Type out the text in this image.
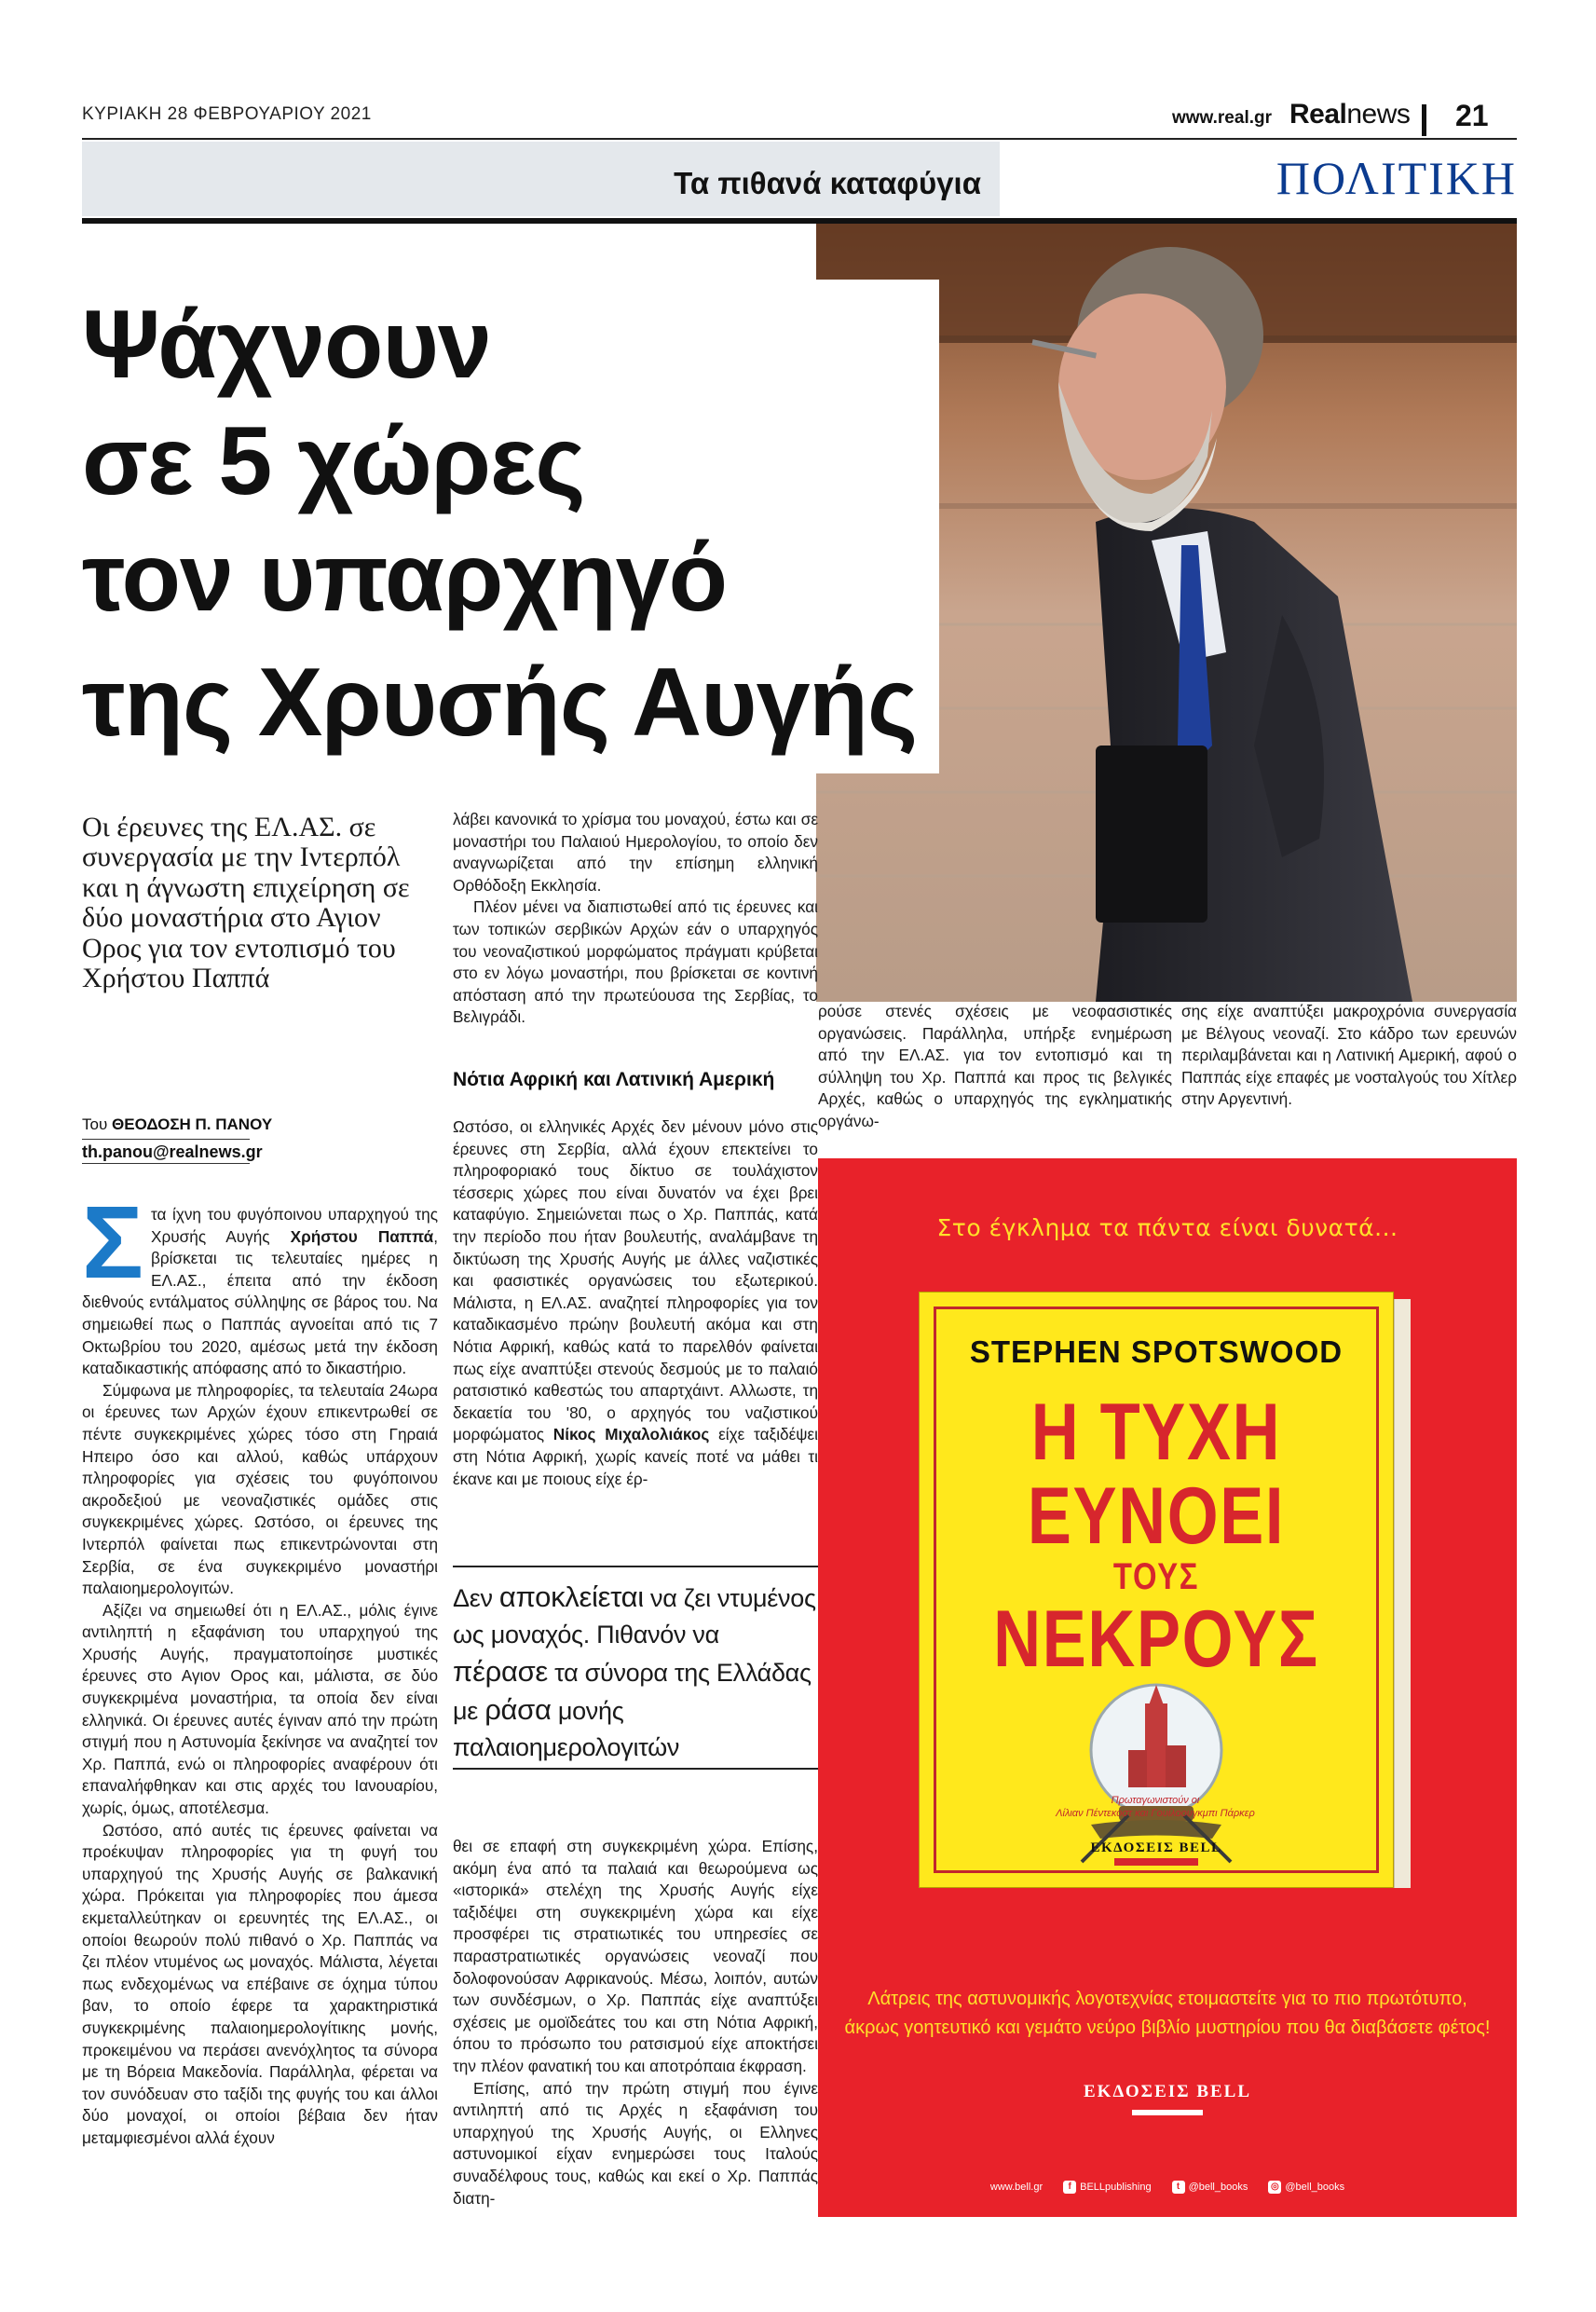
ΚΥΡΙΑΚΗ 28 ΦΕΒΡΟΥΑΡΙΟΥ 2021	www.real.gr Realnews 21
Τα πιθανά καταφύγια	ΠΟΛΙΤΙΚΗ
Ψάχνουν
σε 5 χώρες
τον υπαρχηγό
της Χρυσής Αυγής
Οι έρευνες της ΕΛ.ΑΣ. σε συνεργασία με την Ιντερπόλ και η άγνωστη επιχείρηση σε δύο μοναστήρια στο Αγιον Ορος για τον εντοπισμό του Χρήστου Παππά
Του ΘΕΟΔΟΣΗ Π. ΠΑΝΟΥ
th.panou@realnews.gr

Στα ίχνη του φυγόποινου υπαρχηγού της Χρυσής Αυγής Χρήστου Παππά, βρίσκεται τις τελευταίες ημέρες η ΕΛ.ΑΣ., έπειτα από την έκδοση διεθνούς εντάλματος σύλληψης σε βάρος του. Να σημειωθεί πως ο Παππάς αγνοείται από τις 7 Οκτωβρίου του 2020, αμέσως μετά την έκδοση καταδικαστικής απόφασης από το δικαστήριο.

Σύμφωνα με πληροφορίες, τα τελευταία 24ωρα οι έρευνες των Αρχών έχουν επικεντρωθεί σε πέντε συγκεκριμένες χώρες τόσο στη Γηραιά Ηπειρο όσο και αλλού, καθώς υπάρχουν πληροφορίες για σχέσεις του φυγόποινου ακροδεξιού με νεοναζιστικές ομάδες στις συγκεκριμένες χώρες. Ωστόσο, οι έρευνες της Ιντερπόλ φαίνεται πως επικεντρώνονται στη Σερβία, σε ένα συγκεκριμένο μοναστήρι παλαιοημερολογιτών.

Αξίζει να σημειωθεί ότι η ΕΛ.ΑΣ., μόλις έγινε αντιληπτή η εξαφάνιση του υπαρχηγού της Χρυσής Αυγής, πραγματοποίησε μυστικές έρευνες στο Αγιον Ορος και, μάλιστα, σε δύο συγκεκριμένα μοναστήρια, τα οποία δεν είναι ελληνικά. Οι έρευνες αυτές έγιναν από την πρώτη στιγμή που η Αστυνομία ξεκίνησε να αναζητεί τον Χρ. Παππά, ενώ οι πληροφορίες αναφέρουν ότι επαναλήφθηκαν και στις αρχές του Ιανουαρίου, χωρίς, όμως, αποτέλεσμα.

Ωστόσο, από αυτές τις έρευνες φαίνεται να προέκυψαν πληροφορίες για τη φυγή του υπαρχηγού της Χρυσής Αυγής σε βαλκανική χώρα. Πρόκειται για πληροφορίες που άμεσα εκμεταλλεύτηκαν οι ερευνητές της ΕΛ.ΑΣ., οι οποίοι θεωρούν πολύ πιθανό ο Χρ. Παππάς να ζει πλέον ντυμένος ως μοναχός. Μάλιστα, λέγεται πως ενδεχομένως να επέβαινε σε όχημα τύπου βαν, το οποίο έφερε τα χαρακτηριστικά συγκεκριμένης παλαιοημερολογίτικης μονής, προκειμένου να περάσει ανενόχλητος τα σύνορα με τη Βόρεια Μακεδονία. Παράλληλα, φέρεται να τον συνόδευαν στο ταξίδι της φυγής του και άλλοι δύο μοναχοί, οι οποίοι βέβαια δεν ήταν μεταμφιεσμένοι αλλά έχουν

λάβει κανονικά το χρίσμα του μοναχού, έστω και σε μοναστήρι του Παλαιού Ημερολογίου, το οποίο δεν αναγνωρίζεται από την επίσημη ελληνική Ορθόδοξη Εκκλησία.

Πλέον μένει να διαπιστωθεί από τις έρευνες και των τοπικών σερβικών Αρχών εάν ο υπαρχηγός του νεοναζιστικού μορφώματος πράγματι κρύβεται στο εν λόγω μοναστήρι, που βρίσκεται σε κοντινή απόσταση από την πρωτεύουσα της Σερβίας, το Βελιγράδι.

Νότια Αφρική και Λατινική Αμερική

Ωστόσο, οι ελληνικές Αρχές δεν μένουν μόνο στις έρευνες στη Σερβία, αλλά έχουν επεκτείνει το πληροφοριακό τους δίκτυο σε τουλάχιστον τέσσερις χώρες που είναι δυνατόν να έχει βρει καταφύγιο. Σημειώνεται πως ο Χρ. Παππάς, κατά την περίοδο που ήταν βουλευτής, αναλάμβανε τη δικτύωση της Χρυσής Αυγής με άλλες ναζιστικές και φασιστικές οργανώσεις του εξωτερικού. Μάλιστα, η ΕΛ.ΑΣ. αναζητεί πληροφορίες για τον καταδικασμένο πρώην βουλευτή ακόμα και στη Νότια Αφρική, καθώς κατά το παρελθόν φαίνεται πως είχε αναπτύξει στενούς δεσμούς με το παλαιό ρατσιστικό καθεστώς του απαρτχάιντ. Αλλωστε, τη δεκαετία του '80, ο αρχηγός του ναζιστικού μορφώματος Νίκος Μιχαλολιάκος είχε ταξιδέψει στη Νότια Αφρική, χωρίς κανείς ποτέ να μάθει τι έκανε και με ποιους είχε έρ-

Δεν αποκλείεται να ζει ντυμένος ως μοναχός. Πιθανόν να πέρασε τα σύνορα της Ελλάδας με ράσα μονής παλαιοημερολογιτών

θει σε επαφή στη συγκεκριμένη χώρα. Επίσης, ακόμη ένα από τα παλαιά και θεωρούμενα ως «ιστορικά» στελέχη της Χρυσής Αυγής είχε ταξιδέψει στη συγκεκριμένη χώρα και είχε προσφέρει τις στρατιωτικές του υπηρεσίες σε παραστρατιωτικές οργανώσεις νεοναζί που δολοφονούσαν Αφρικανούς. Μέσω, λοιπόν, αυτών των συνδέσμων, ο Χρ. Παππάς είχε αναπτύξει σχέσεις με ομοϊδεάτες του και στη Νότια Αφρική, όπου το πρόσωπο του ρατσισμού είχε αποκτήσει την πλέον φανατική του και αποτρόπαια έκφραση.

Επίσης, από την πρώτη στιγμή που έγινε αντιληπτή από τις Αρχές η εξαφάνιση του υπαρχηγού της Χρυσής Αυγής, οι Ελληνες αστυνομικοί είχαν ενημερώσει τους Ιταλούς συναδέλφους τους, καθώς και εκεί ο Χρ. Παππάς διατη-

ρούσε στενές σχέσεις με νεοφασιστικές οργανώσεις. Παράλληλα, υπήρξε ενημέρωση από την ΕΛ.ΑΣ. για τον εντοπισμό και τη σύλληψη του Χρ. Παππά και προς τις βελγικές Αρχές, καθώς ο υπαρχηγός της εγκληματικής οργάνω-

σης είχε αναπτύξει μακροχρόνια συνεργασία με Βέλγους νεοναζί. Στο κάδρο των ερευνών περιλαμβάνεται και η Λατινική Αμερική, αφού ο Παππάς είχε επαφές με νοσταλγούς του Χίτλερ στην Αργεντινή.

Στο έγκλημα τα πάντα είναι δυνατά...
STEPHEN SPOTSWOOD
Η ΤΥΧΗ
ΕΥΝΟΕΙ
ΤΟΥΣ
ΝΕΚΡΟΥΣ
Πρωταγωνιστούν οι
Λίλιαν Πέντεκοστ και Γουίλοουγκμπι Πάρκερ
ΕΚΔΟΣΕΙΣ BELL
Λάτρεις της αστυνομικής λογοτεχνίας ετοιμαστείτε για το πιο πρωτότυπο,
άκρως γοητευτικό και γεμάτο νεύρο βιβλίο μυστηρίου που θα διαβάσετε φέτος!
ΕΚΔΟΣΕΙΣ BELL
www.bell.gr	f BELLpublishing	t @bell_books ◎ @bell_books
